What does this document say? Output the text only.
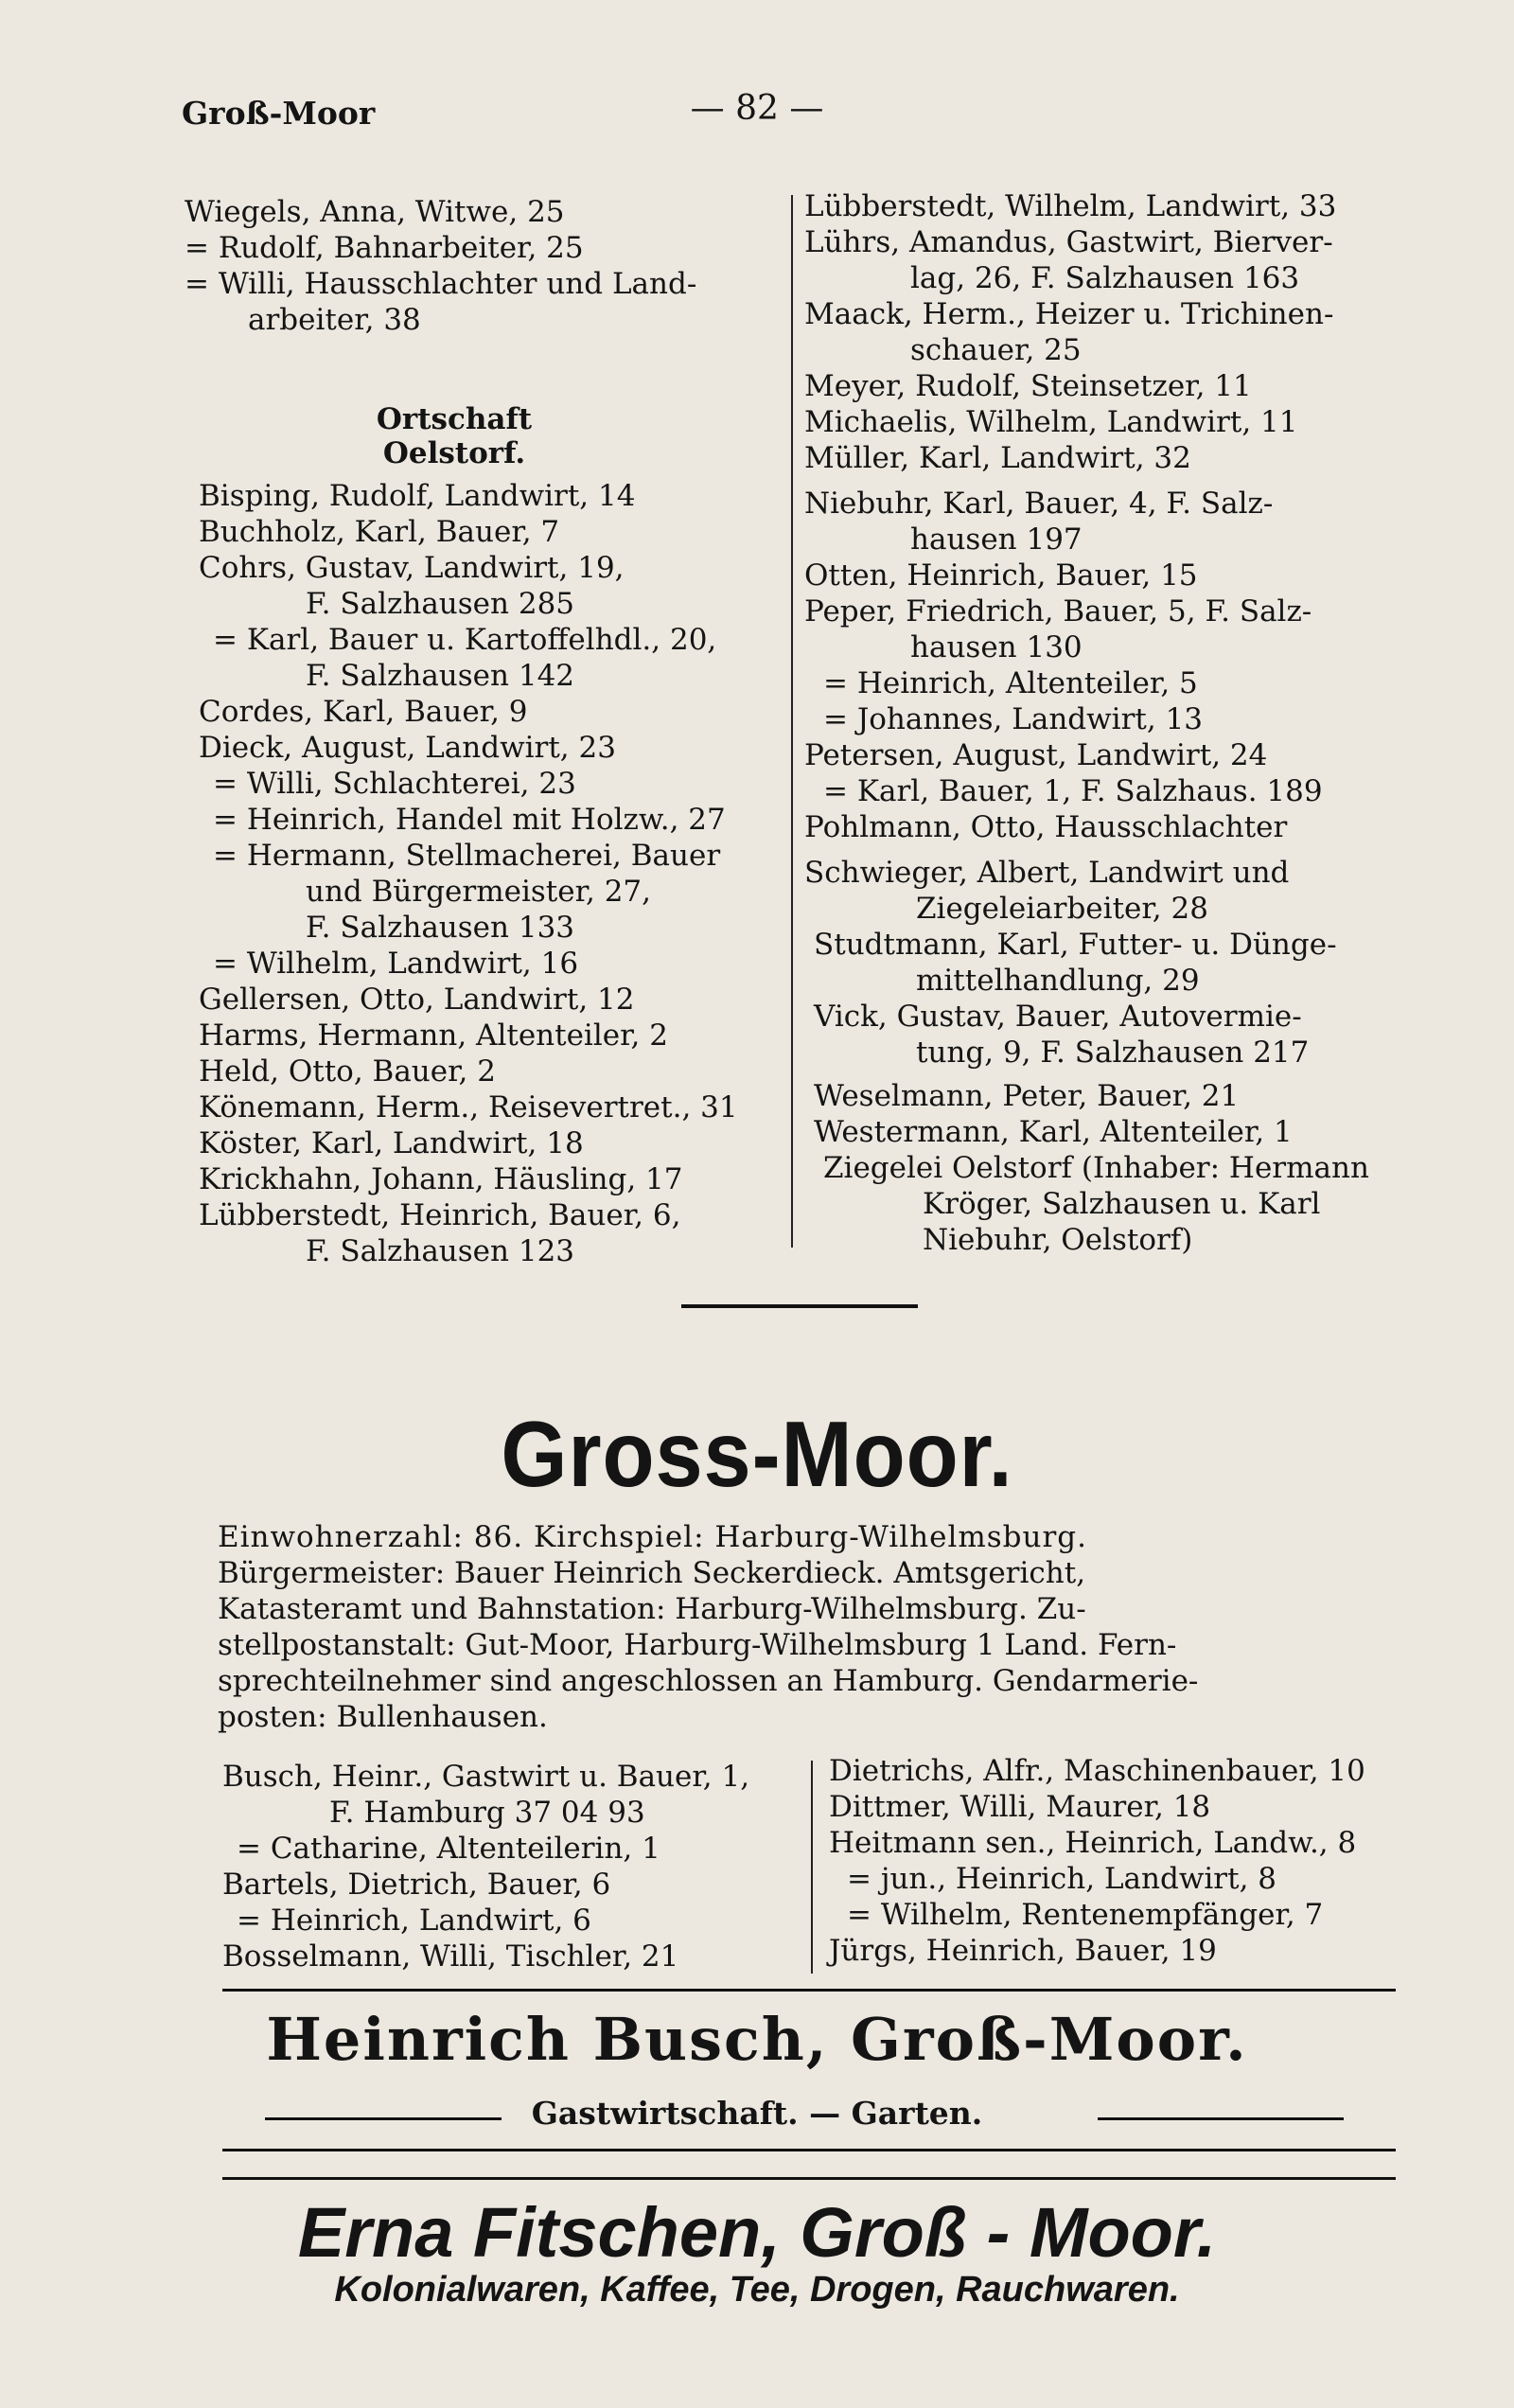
Groß-Moor	— 82 —
Wiegels, Anna, Witwe, 25
= Rudolf, Bahnarbeiter, 25
= Willi, Hausschlachter und Land-
arbeiter, 38
Ortschaft Oelstorf.
Bisping, Rudolf, Landwirt, 14
Buchholz, Karl, Bauer, 7
Cohrs, Gustav, Landwirt, 19,
F. Salzhausen 285
= Karl, Bauer u. Kartoffelhdl., 20,
F. Salzhausen 142
Cordes, Karl, Bauer, 9
Dieck, August, Landwirt, 23
= Willi, Schlachterei, 23
= Heinrich, Handel mit Holzw., 27
= Hermann, Stellmacherei, Bauer
und Bürgermeister, 27,
F. Salzhausen 133
= Wilhelm, Landwirt, 16
Gellersen, Otto, Landwirt, 12
Harms, Hermann, Altenteiler, 2
Held, Otto, Bauer, 2
Könemann, Herm., Reisevertret., 31
Köster, Karl, Landwirt, 18
Krickhahn, Johann, Häusling, 17
Lübberstedt, Heinrich, Bauer, 6,
F. Salzhausen 123
Lübberstedt, Wilhelm, Landwirt, 33
Lührs, Amandus, Gastwirt, Bierver-
lag, 26, F. Salzhausen 163
Maack, Herm., Heizer u. Trichinen-
schauer, 25
Meyer, Rudolf, Steinsetzer, 11
Michaelis, Wilhelm, Landwirt, 11
Müller, Karl, Landwirt, 32
Niebuhr, Karl, Bauer, 4, F. Salz-
hausen 197
Otten, Heinrich, Bauer, 15
Peper, Friedrich, Bauer, 5, F. Salz-
hausen 130
= Heinrich, Altenteiler, 5
= Johannes, Landwirt, 13
Petersen, August, Landwirt, 24
= Karl, Bauer, 1, F. Salzhaus. 189
Pohlmann, Otto, Hausschlachter
Schwieger, Albert, Landwirt und
Ziegeleiarbeiter, 28
Studtmann, Karl, Futter- u. Dünge-
mittelhandlung, 29
Vick, Gustav, Bauer, Autovermie-
tung, 9, F. Salzhausen 217
Weselmann, Peter, Bauer, 21
Westermann, Karl, Altenteiler, 1
Ziegelei Oelstorf (Inhaber: Hermann
Kröger, Salzhausen u. Karl
Niebuhr, Oelstorf)
Gross-Moor.
Einwohnerzahl: 86. Kirchspiel: Harburg-Wilhelmsburg.
Bürgermeister: Bauer Heinrich Seckerdieck. Amtsgericht,
Katasteramt und Bahnstation: Harburg-Wilhelmsburg. Zu-
stellpostanstalt: Gut-Moor, Harburg-Wilhelmsburg 1 Land. Fern-
sprechteilnehmer sind angeschlossen an Hamburg. Gendarmerie-
posten: Bullenhausen.
Busch, Heinr., Gastwirt u. Bauer, 1,
F. Hamburg 37 04 93
= Catharine, Altenteilerin, 1
Bartels, Dietrich, Bauer, 6
= Heinrich, Landwirt, 6
Bosselmann, Willi, Tischler, 21
Dietrichs, Alfr., Maschinenbauer, 10
Dittmer, Willi, Maurer, 18
Heitmann sen., Heinrich, Landw., 8
= jun., Heinrich, Landwirt, 8
= Wilhelm, Rentenempfänger, 7
Jürgs, Heinrich, Bauer, 19
Heinrich Busch, Groß-Moor.
Gastwirtschaft. — Garten.
Erna Fitschen, Groß - Moor.
Kolonialwaren, Kaffee, Tee, Drogen, Rauchwaren.
